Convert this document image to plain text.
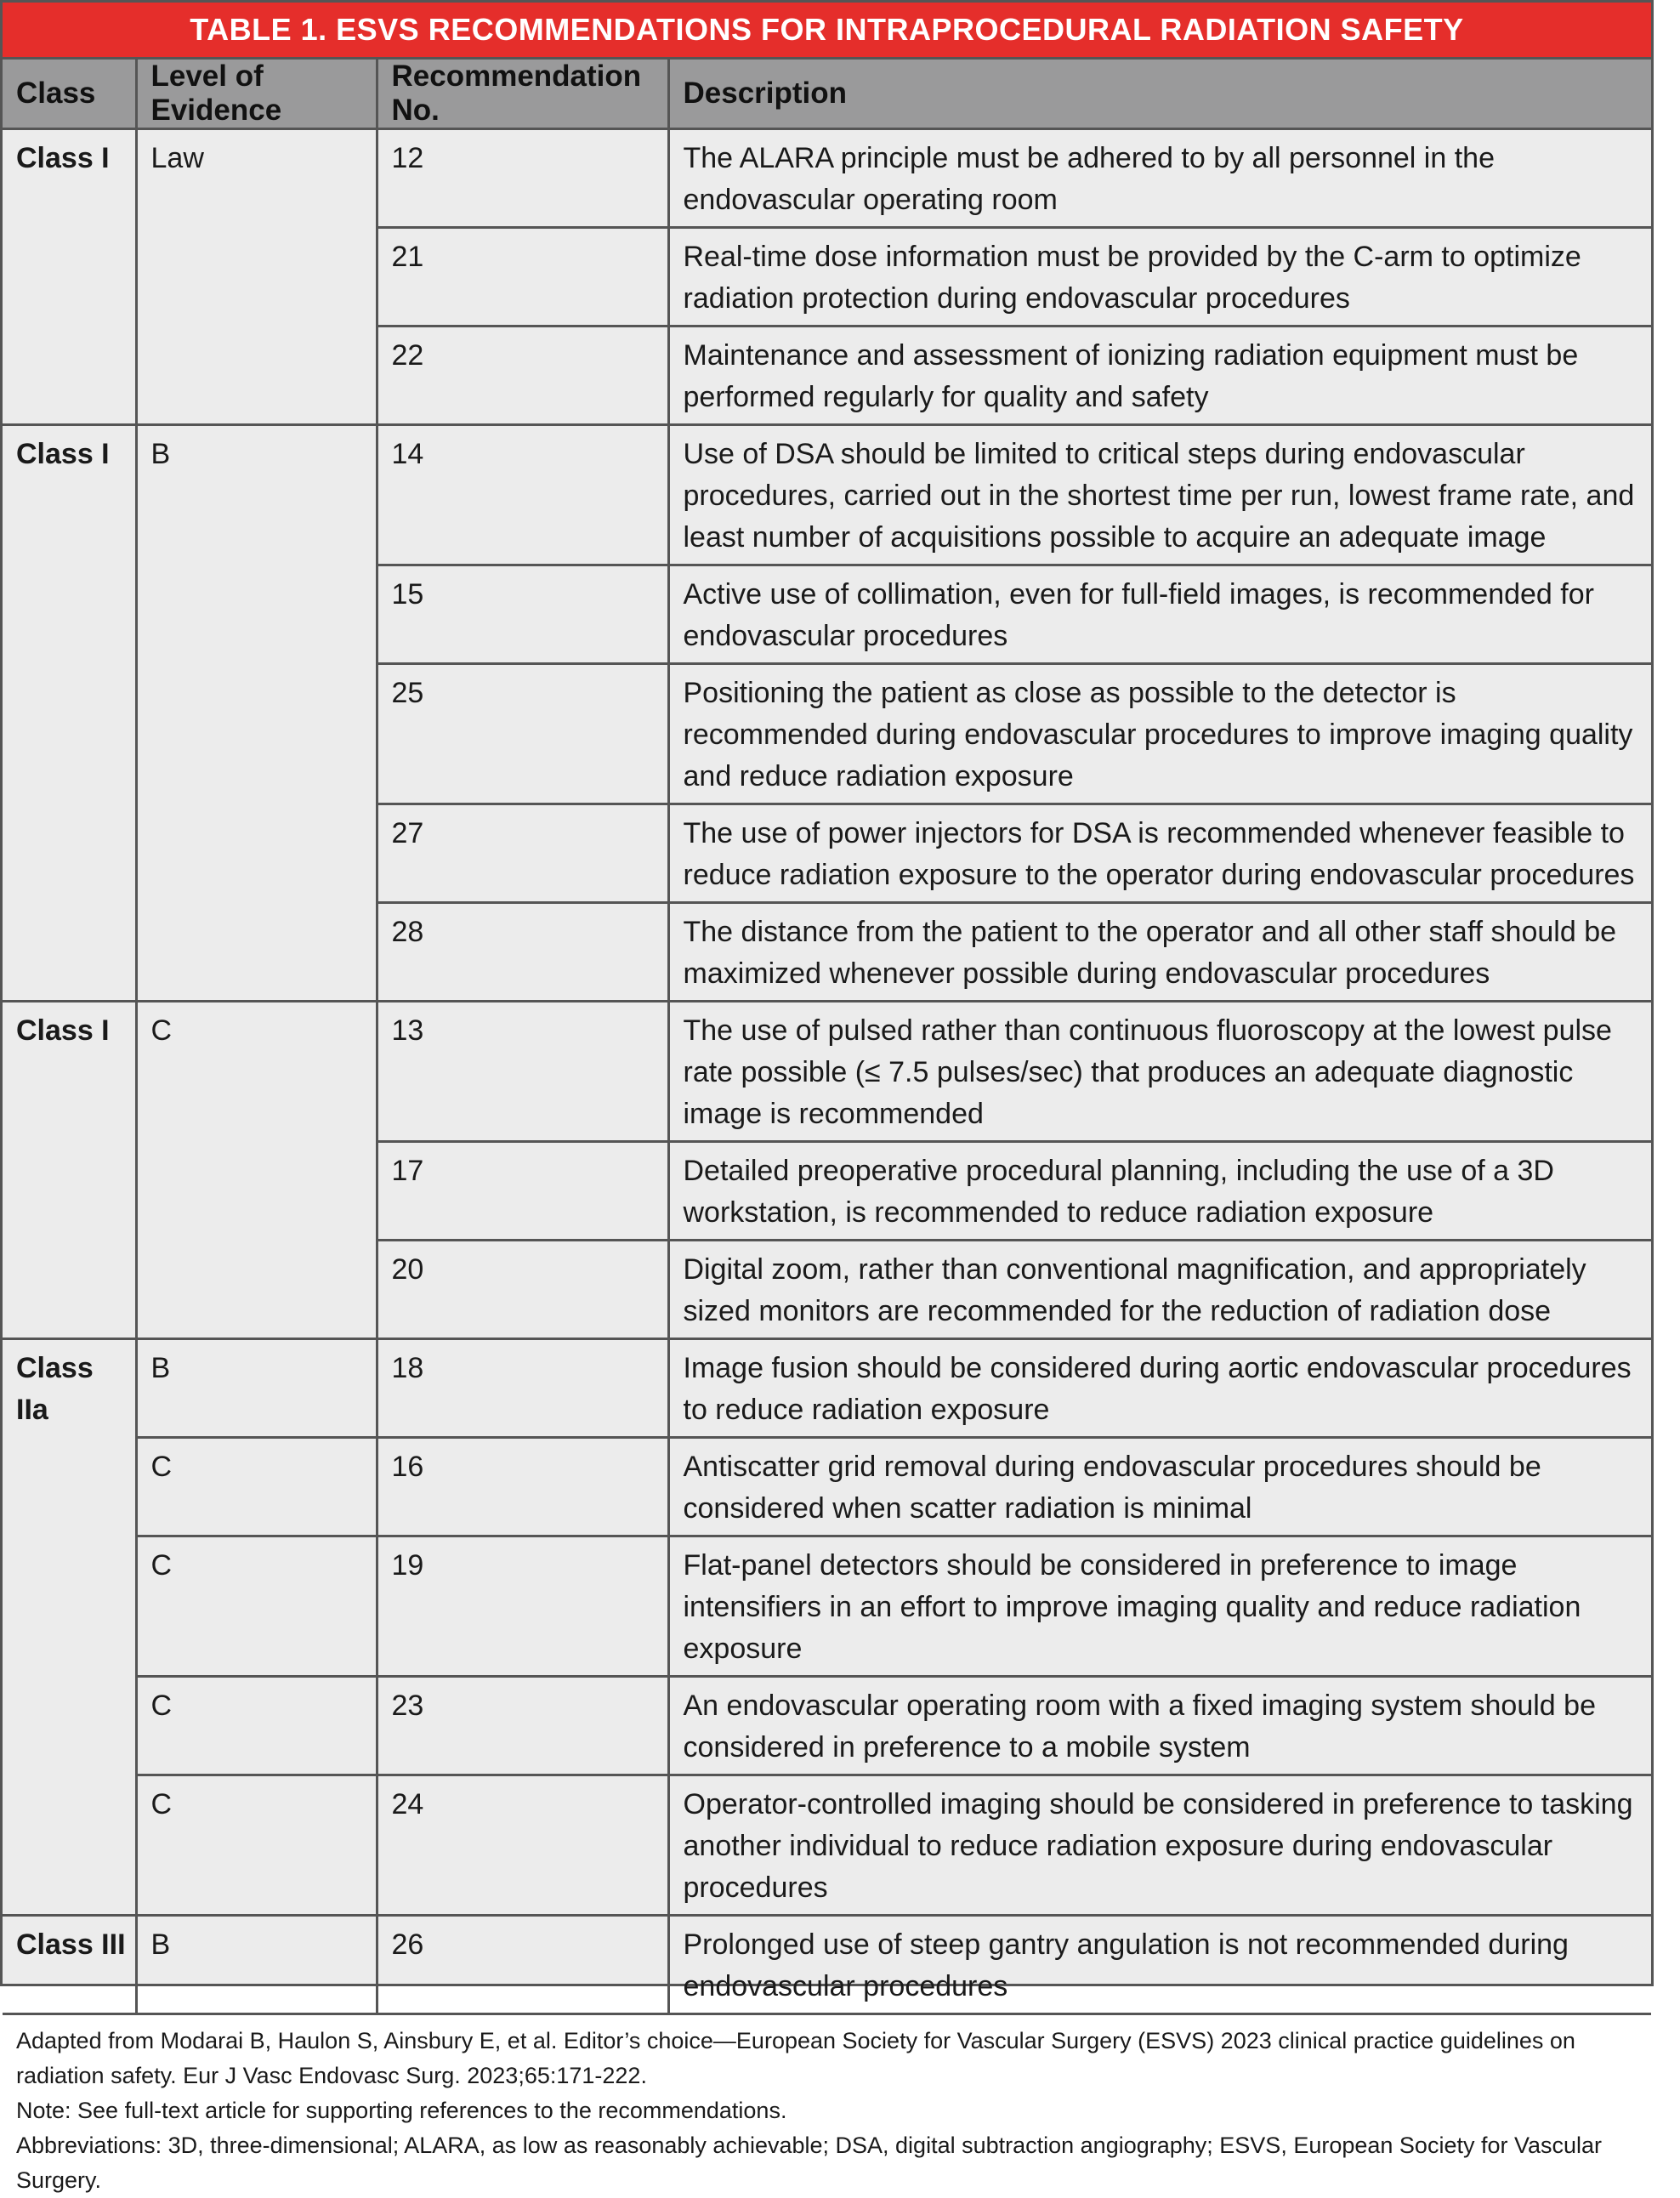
TABLE 1. ESVS RECOMMENDATIONS FOR INTRAPROCEDURAL RADIATION SAFETY
Class	Level of Evidence	Recommendation No.	Description
Class I	Law	12	The ALARA principle must be adhered to by all personnel in the endovascular operating room
		21	Real-time dose information must be provided by the C-arm to optimize radiation protection during endovascular procedures
		22	Maintenance and assessment of ionizing radiation equipment must be performed regularly for quality and safety
Class I	B	14	Use of DSA should be limited to critical steps during endovascular procedures, carried out in the shortest time per run, lowest frame rate, and least number of acquisitions possible to acquire an adequate image
		15	Active use of collimation, even for full-field images, is recommended for endovascular procedures
		25	Positioning the patient as close as possible to the detector is recommended during endovascular procedures to improve imaging quality and reduce radiation exposure
		27	The use of power injectors for DSA is recommended whenever feasible to reduce radiation exposure to the operator during endovascular procedures
		28	The distance from the patient to the operator and all other staff should be maximized whenever possible during endovascular procedures
Class I	C	13	The use of pulsed rather than continuous fluoroscopy at the lowest pulse rate possible (≤ 7.5 pulses/sec) that produces an adequate diagnostic image is recommended
		17	Detailed preoperative procedural planning, including the use of a 3D workstation, is recommended to reduce radiation exposure
		20	Digital zoom, rather than conventional magnification, and appropriately sized monitors are recommended for the reduction of radiation dose
Class IIa	B	18	Image fusion should be considered during aortic endovascular procedures to reduce radiation exposure
	C	16	Antiscatter grid removal during endovascular procedures should be considered when scatter radiation is minimal
	C	19	Flat-panel detectors should be considered in preference to image intensifiers in an effort to improve imaging quality and reduce radiation exposure
	C	23	An endovascular operating room with a fixed imaging system should be considered in preference to a mobile system
	C	24	Operator-controlled imaging should be considered in preference to tasking another individual to reduce radiation exposure during endovascular procedures
Class III	B	26	Prolonged use of steep gantry angulation is not recommended during endovascular procedures

Adapted from Modarai B, Haulon S, Ainsbury E, et al. Editor’s choice—European Society for Vascular Surgery (ESVS) 2023 clinical practice guidelines on radiation safety. Eur J Vasc Endovasc Surg. 2023;65:171-222.

Note: See full-text article for supporting references to the recommendations.

Abbreviations: 3D, three-dimensional; ALARA, as low as reasonably achievable; DSA, digital subtraction angiography; ESVS, European Society for Vascular Surgery.
